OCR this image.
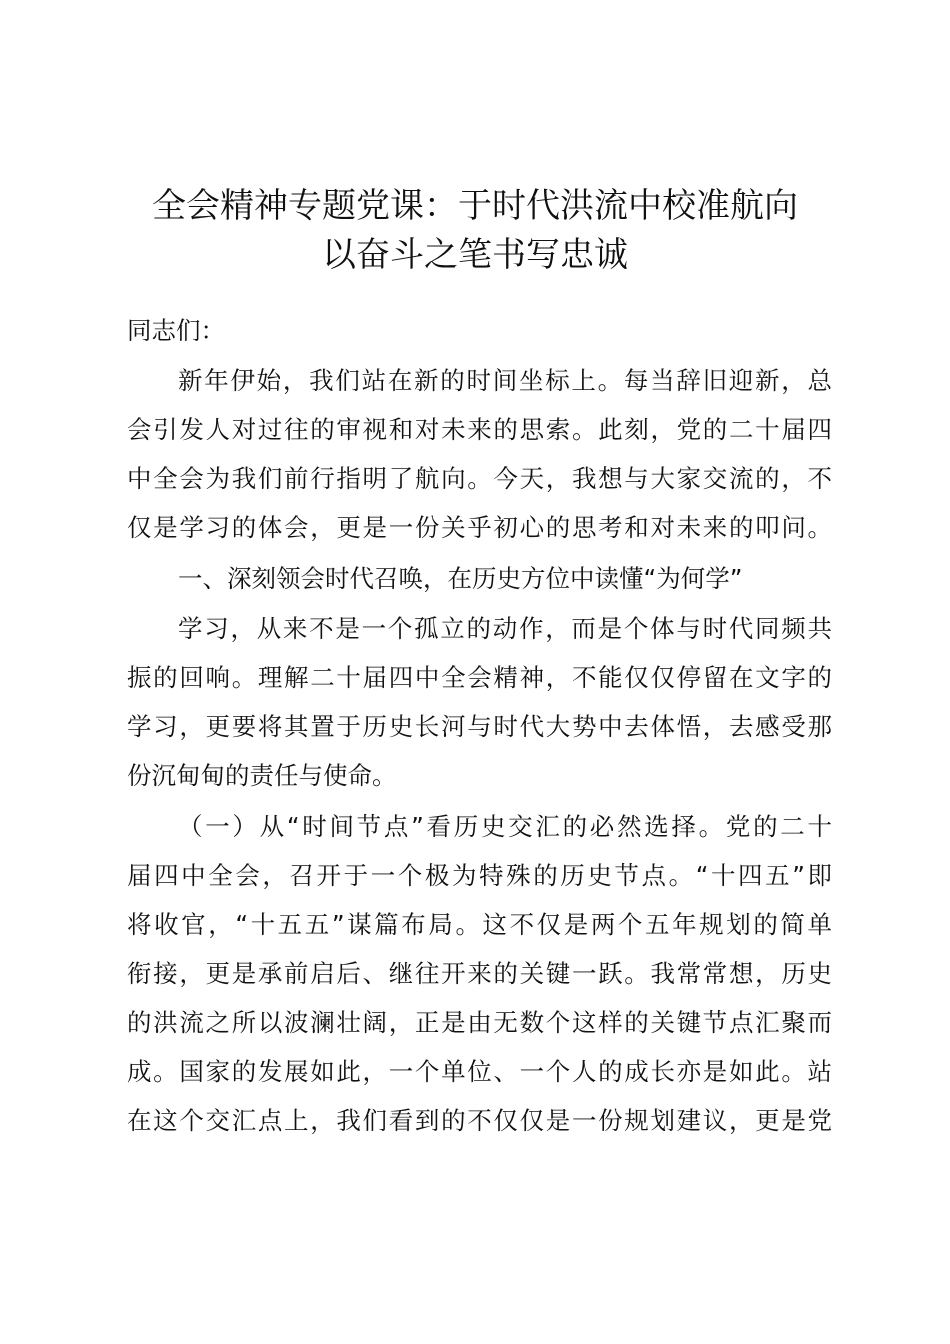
全会精神专题党课：于时代洪流中校准航向
以奋斗之笔书写忠诚
同志们：
新年伊始，我们站在新的时间坐标上。每当辞旧迎新，总
会引发人对过往的审视和对未来的思索。此刻，党的二十届四
中全会为我们前行指明了航向。今天，我想与大家交流的，不
仅是学习的体会，更是一份关乎初心的思考和对未来的叩问。
一、深刻领会时代召唤，在历史方位中读懂“为何学”
学习，从来不是一个孤立的动作，而是个体与时代同频共
振的回响。理解二十届四中全会精神，不能仅仅停留在文字的
学习，更要将其置于历史长河与时代大势中去体悟，去感受那
份沉甸甸的责任与使命。
（一）从“时间节点”看历史交汇的必然选择。党的二十
届四中全会，召开于一个极为特殊的历史节点。“十四五”即
将收官，“十五五”谋篇布局。这不仅是两个五年规划的简单
衔接，更是承前启后、继往开来的关键一跃。我常常想，历史
的洪流之所以波澜壮阔，正是由无数个这样的关键节点汇聚而
成。国家的发展如此，一个单位、一个人的成长亦是如此。站
在这个交汇点上，我们看到的不仅仅是一份规划建议，更是党
